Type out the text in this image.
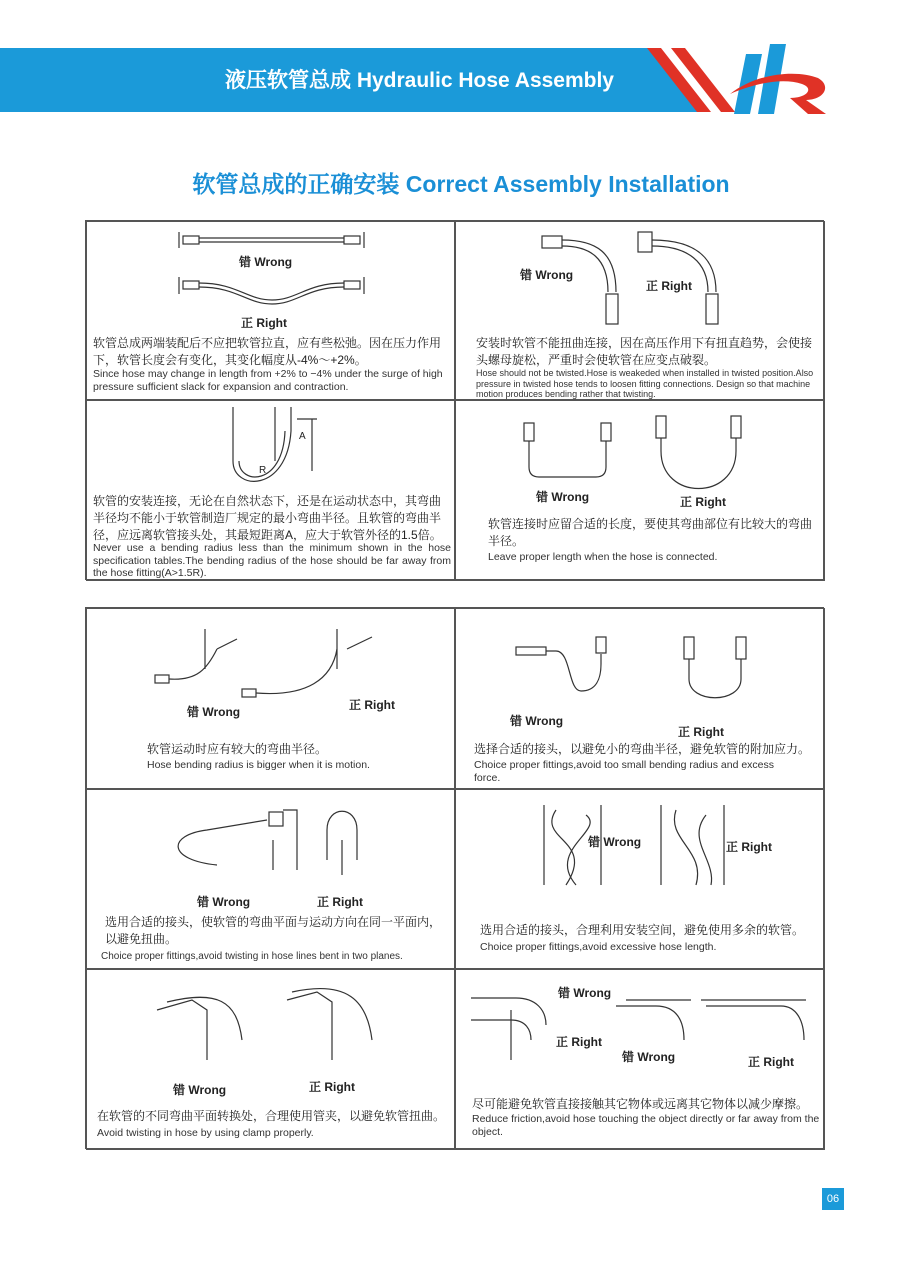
液压软管总成 Hydraulic Hose Assembly
软管总成的正确安装 Correct Assembly Installation
错 Wrong
正 Right
软管总成两端装配后不应把软管拉直，应有些松弛。因在压力作用下，软管长度会有变化，其变化幅度从-4%～+2%。
Since hose may change in length from +2% to −4% under the surge of high pressure sufficient slack for expansion and contraction.
错 Wrong
正 Right
安装时软管不能扭曲连接，因在高压作用下有扭直趋势，会使接头螺母旋松，严重时会使软管在应变点破裂。
Hose should not be twisted.Hose is weakeded when installed in twisted position.Also pressure in twisted hose tends to loosen fitting connections. Design so that machine motion produces bending rather that twisting.
A
R
软管的安装连接，无论在自然状态下，还是在运动状态中，其弯曲半径均不能小于软管制造厂规定的最小弯曲半径。且软管的弯曲半径，应远离软管接头处，其最短距离A，应大于软管外径的1.5倍。
Never use a bending radius less than the minimum shown in the hose specification tables.The bending radius of the hose should be far away from the hose fitting(A>1.5R).
错 Wrong	正 Right
软管连接时应留合适的长度，要使其弯曲部位有比较大的弯曲半径。
Leave proper length when the hose is connected.
错 Wrong	正 Right
软管运动时应有较大的弯曲半径。
Hose bending radius is bigger when it is motion.
错 Wrong
正 Right
选择合适的接头，以避免小的弯曲半径，避免软管的附加应力。
Choice proper fittings,avoid too small bending radius and excess force.
错 Wrong	正 Right
选用合适的接头，使软管的弯曲平面与运动方向在同一平面内，以避免扭曲。
Choice proper fittings,avoid twisting in hose lines bent in two planes.
错 Wrong	正 Right
选用合适的接头，合理利用安装空间，避免使用多余的软管。
Choice proper fittings,avoid excessive hose length.
错 Wrong	正 Right
在软管的不同弯曲平面转换处，合理使用管夹，以避免软管扭曲。
Avoid twisting in hose by using clamp properly.
错 Wrong
正 Right
错 Wrong	正 Right
尽可能避免软管直接接触其它物体或远离其它物体以减少摩擦。
Reduce friction,avoid hose touching the object directly or far away from the object.
06
